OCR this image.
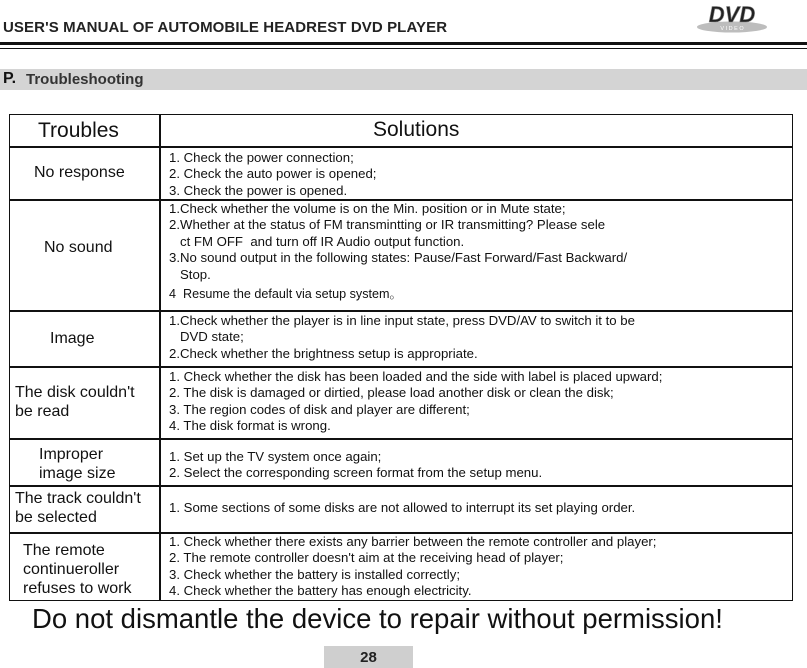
USER'S MANUAL OF AUTOMOBILE HEADREST DVD PLAYER
DVD
V I D E O
P. Troubleshooting
Troubles	Solutions
No response
1. Check the power connection;
2. Check the auto power is opened;
3. Check the power is opened.
No sound
1.Check whether the volume is on the Min. position or in Mute state;
2.Whether at the status of FM transmintting or IR transmitting? Please sele
ct FM OFF  and turn off IR Audio output function.
3.No sound output in the following states: Pause/Fast Forward/Fast Backward/
Stop.
4  Resume the default via setup system。
Image
1.Check whether the player is in line input state, press DVD/AV to switch it to be
DVD state;
2.Check whether the brightness setup is appropriate.
The disk couldn't
be read
1. Check whether the disk has been loaded and the side with label is placed upward;
2. The disk is damaged or dirtied, please load another disk or clean the disk;
3. The region codes of disk and player are different;
4. The disk format is wrong.
Improper
image size
1. Set up the TV system once again;
2. Select the corresponding screen format from the setup menu.
The track couldn't
be selected
1. Some sections of some disks are not allowed to interrupt its set playing order.
The remote
continueroller
refuses to work
1. Check whether there exists any barrier between the remote controller and player;
2. The remote controller doesn't aim at the receiving head of player;
3. Check whether the battery is installed correctly;
4. Check whether the battery has enough electricity.
Do not dismantle the device to repair without permission!
28
